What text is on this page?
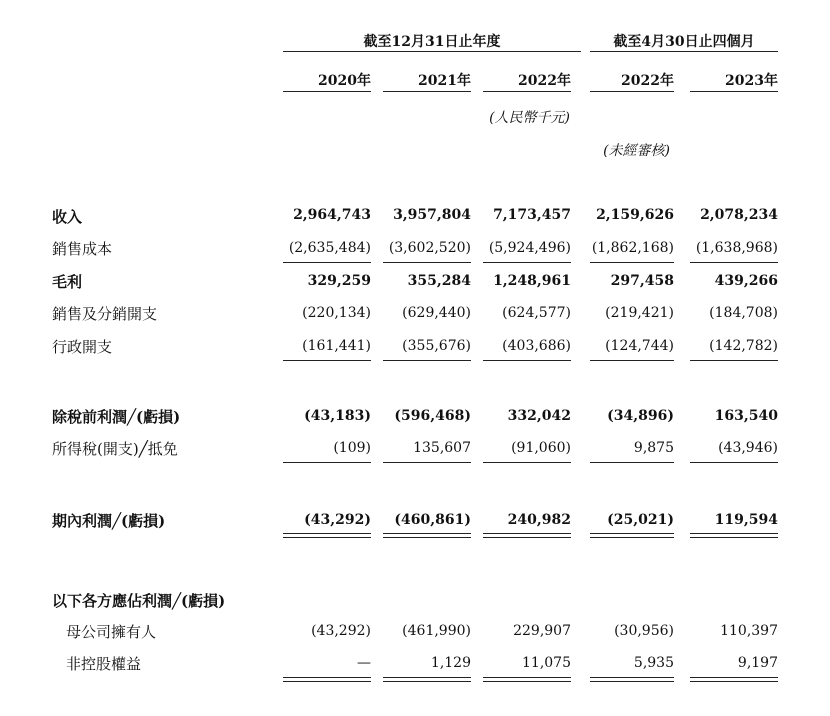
截至12月31日止年度	截至4月30日止四個月
2020年	2021年	2022年	2022年	2023年
(人民幣千元)
(未經審核)
收入	2,964,743	3,957,804	7,173,457	2,159,626	2,078,234
銷售成本	(2,635,484)	(3,602,520)	(5,924,496)	(1,862,168)	(1,638,968)
毛利	329,259	355,284	1,248,961	297,458	439,266
銷售及分銷開支	(220,134)	(629,440)	(624,577)	(219,421)	(184,708)
行政開支	(161,441)	(355,676)	(403,686)	(124,744)	(142,782)
除稅前利潤╱(虧損)	(43,183)	(596,468)	332,042	(34,896)	163,540
所得稅(開支)╱抵免	(109)	135,607	(91,060)	9,875	(43,946)
期內利潤╱(虧損)	(43,292)	(460,861)	240,982	(25,021)	119,594
以下各方應佔利潤╱(虧損)
母公司擁有人	(43,292)	(461,990)	229,907	(30,956)	110,397
非控股權益	—	1,129	11,075	5,935	9,197
